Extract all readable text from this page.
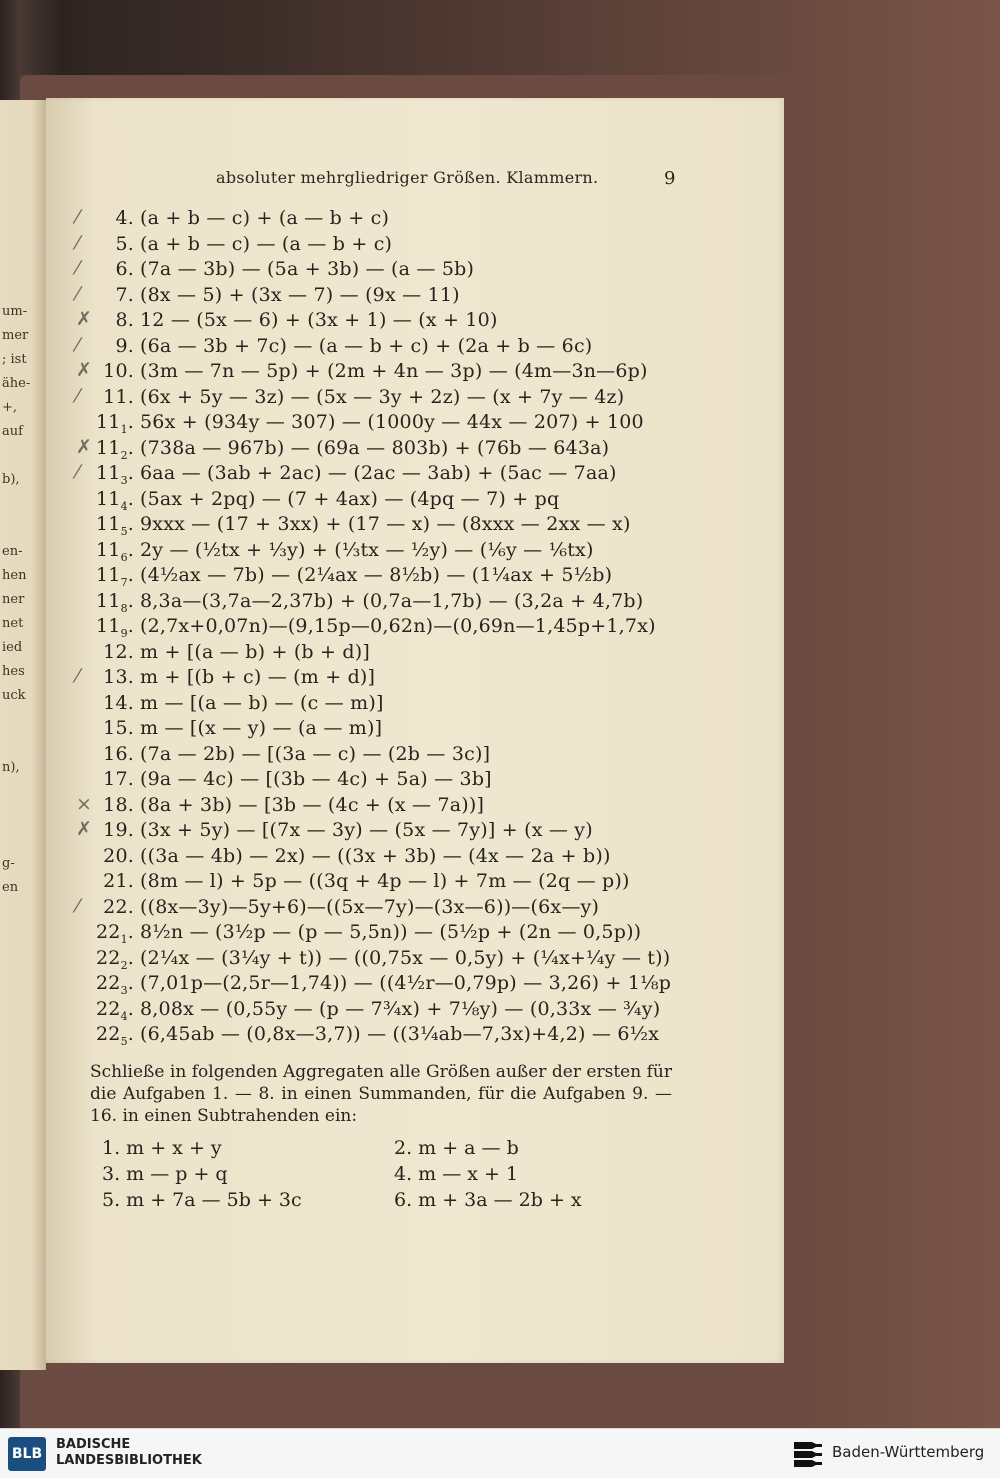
um-
mer
; ist
ähe-
+,
auf
b),
en-
hen
ner
net
ied
hes
uck
n),
g-
en
absoluter mehrgliedriger Größen. Klammern.	9
⁄ 4. (a + b — c) + (a — b + c)
⁄ 5. (a + b — c) — (a — b + c)
⁄ 6. (7a — 3b) — (5a + 3b) — (a — 5b)
⁄ 7. (8x — 5) + (3x — 7) — (9x — 11)
✗ 8. 12 — (5x — 6) + (3x + 1) — (x + 10)
⁄ 9. (6a — 3b + 7c) — (a — b + c) + (2a + b — 6c)
✗ 10. (3m — 7n — 5p) + (2m + 4n — 3p) — (4m—3n—6p)
⁄ 11. (6x + 5y — 3z) — (5x — 3y + 2z) — (x + 7y — 4z)
$11_1$. 56x + (934y — 307) — (1000y — 44x — 207) + 100
✗ $11_2$. (738a — 967b) — (69a — 803b) + (76b — 643a)
⁄ $11_3$. 6aa — (3ab + 2ac) — (2ac — 3ab) + (5ac — 7aa)
$11_4$. (5ax + 2pq) — (7 + 4ax) — (4pq — 7) + pq
$11_5$. 9xxx — (17 + 3xx) + (17 — x) — (8xxx — 2xx — x)
$11_6$. 2y — (½tx + ⅓y) + (⅓tx — ½y) — (⅙y — ⅙tx)
$11_7$. (4½ax — 7b) — (2¼ax — 8½b) — (1¼ax + 5½b)
$11_8$. 8,3a—(3,7a—2,37b) + (0,7a—1,7b) — (3,2a + 4,7b)
$11_9$. (2,7x+0,07n)—(9,15p—0,62n)—(0,69n—1,45p+1,7x)
12. m + [(a — b) + (b + d)]
⁄ 13. m + [(b + c) — (m + d)]
14. m — [(a — b) — (c — m)]
15. m — [(x — y) — (a — m)]
16. (7a — 2b) — [(3a — c) — (2b — 3c)]
17. (9a — 4c) — [(3b — 4c) + 5a) — 3b]
× 18. (8a + 3b) — [3b — (4c + (x — 7a))]
✗ 19. (3x + 5y) — [(7x — 3y) — (5x — 7y)] + (x — y)
20. ((3a — 4b) — 2x) — ((3x + 3b) — (4x — 2a + b))
21. (8m — l) + 5p — ((3q + 4p — l) + 7m — (2q — p))
⁄ 22. ((8x—3y)—5y+6)—((5x—7y)—(3x—6))—(6x—y)
$22_1$. 8½n — (3½p — (p — 5,5n)) — (5½p + (2n — 0,5p))
$22_2$. (2¼x — (3¼y + t)) — ((0,75x — 0,5y) + (¼x+¼y — t))
$22_3$. (7,01p—(2,5r—1,74)) — ((4½r—0,79p) — 3,26) + 1⅛p
$22_4$. 8,08x — (0,55y — (p — 7¾x) + 7⅛y) — (0,33x — ¾y)
$22_5$. (6,45ab — (0,8x—3,7)) — ((3¼ab—7,3x)+4,2) — 6½x
Schließe in folgenden Aggregaten alle Größen außer der ersten für die Aufgaben 1. — 8. in einen Summanden, für die Aufgaben 9. — 16. in einen Subtrahenden ein:
1. m + x + y	2. m + a — b
3. m — p + q	4. m — x + 1
5. m + 7a — 5b + 3c	6. m + 3a — 2b + x
BLB
BADISCHE
LANDESBIBLIOTHEK	Baden-Württemberg
